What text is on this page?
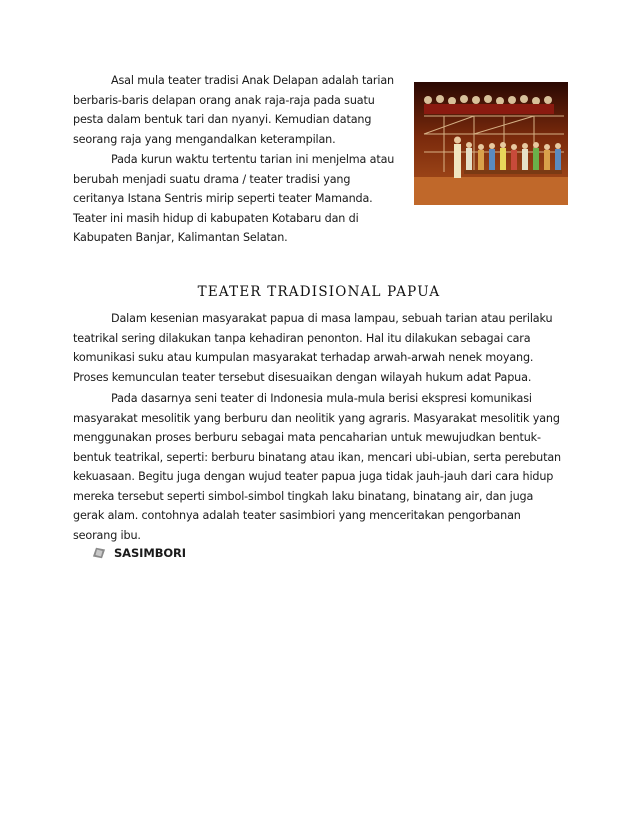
Asal mula teater tradisi Anak Delapan adalah tarian
berbaris-baris delapan orang anak raja-raja pada suatu
pesta dalam bentuk tari dan nyanyi. Kemudian datang
seorang raja yang mengandalkan keterampilan.
Pada kurun waktu tertentu tarian ini menjelma atau
berubah menjadi suatu drama / teater tradisi yang
ceritanya Istana Sentris mirip seperti teater Mamanda.
Teater ini masih hidup di kabupaten Kotabaru dan di
Kabupaten Banjar, Kalimantan Selatan.
TEATER TRADISIONAL PAPUA
Dalam kesenian masyarakat papua di masa lampau, sebuah tarian atau perilaku
teatrikal sering dilakukan tanpa kehadiran penonton. Hal itu dilakukan sebagai cara
komunikasi suku atau kumpulan masyarakat terhadap arwah-arwah nenek moyang.
Proses kemunculan teater tersebut disesuaikan dengan wilayah hukum adat Papua.
Pada dasarnya seni teater di Indonesia mula-mula berisi ekspresi komunikasi
masyarakat mesolitik yang berburu dan neolitik yang agraris. Masyarakat mesolitik yang
menggunakan proses berburu sebagai mata pencaharian untuk mewujudkan bentuk-
bentuk teatrikal, seperti: berburu binatang atau ikan, mencari ubi-ubian, serta perebutan
kekuasaan. Begitu juga dengan wujud teater papua juga tidak jauh-jauh dari cara hidup
mereka tersebut seperti simbol-simbol tingkah laku binatang, binatang air, dan juga
gerak alam. contohnya adalah teater sasimbiori yang menceritakan pengorbanan
seorang ibu.
SASIMBORI
